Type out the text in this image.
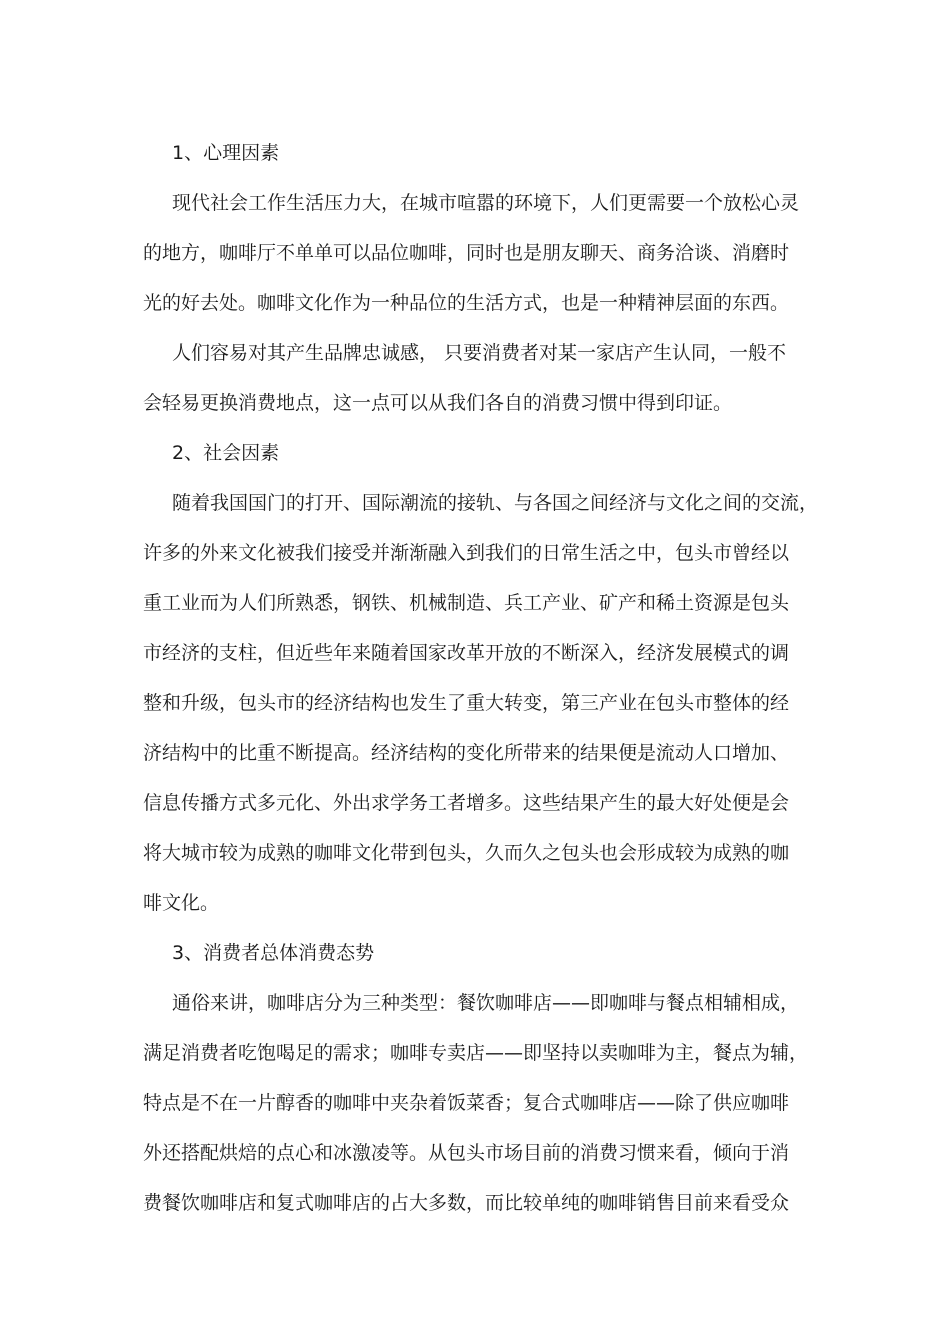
1、心理因素

现代社会工作生活压力大，在城市喧嚣的环境下，人们更需要一个放松心灵
的地方，咖啡厅不单单可以品位咖啡，同时也是朋友聊天、商务洽谈、消磨时
光的好去处。咖啡文化作为一种品位的生活方式，也是一种精神层面的东西。
人们容易对其产生品牌忠诚感， 只要消费者对某一家店产生认同，一般不
会轻易更换消费地点，这一点可以从我们各自的消费习惯中得到印证。

2、社会因素

随着我国国门的打开、国际潮流的接轨、与各国之间经济与文化之间的交流，
许多的外来文化被我们接受并渐渐融入到我们的日常生活之中，包头市曾经以
重工业而为人们所熟悉，钢铁、机械制造、兵工产业、矿产和稀土资源是包头
市经济的支柱，但近些年来随着国家改革开放的不断深入，经济发展模式的调
整和升级，包头市的经济结构也发生了重大转变，第三产业在包头市整体的经
济结构中的比重不断提高。经济结构的变化所带来的结果便是流动人口增加、
信息传播方式多元化、外出求学务工者增多。这些结果产生的最大好处便是会
将大城市较为成熟的咖啡文化带到包头，久而久之包头也会形成较为成熟的咖
啡文化。

3、消费者总体消费态势

通俗来讲，咖啡店分为三种类型：餐饮咖啡店——即咖啡与餐点相辅相成，
满足消费者吃饱喝足的需求；咖啡专卖店——即坚持以卖咖啡为主，餐点为辅，
特点是不在一片醇香的咖啡中夹杂着饭菜香；复合式咖啡店——除了供应咖啡
外还搭配烘焙的点心和冰激凌等。从包头市场目前的消费习惯来看，倾向于消
费餐饮咖啡店和复式咖啡店的占大多数，而比较单纯的咖啡销售目前来看受众
